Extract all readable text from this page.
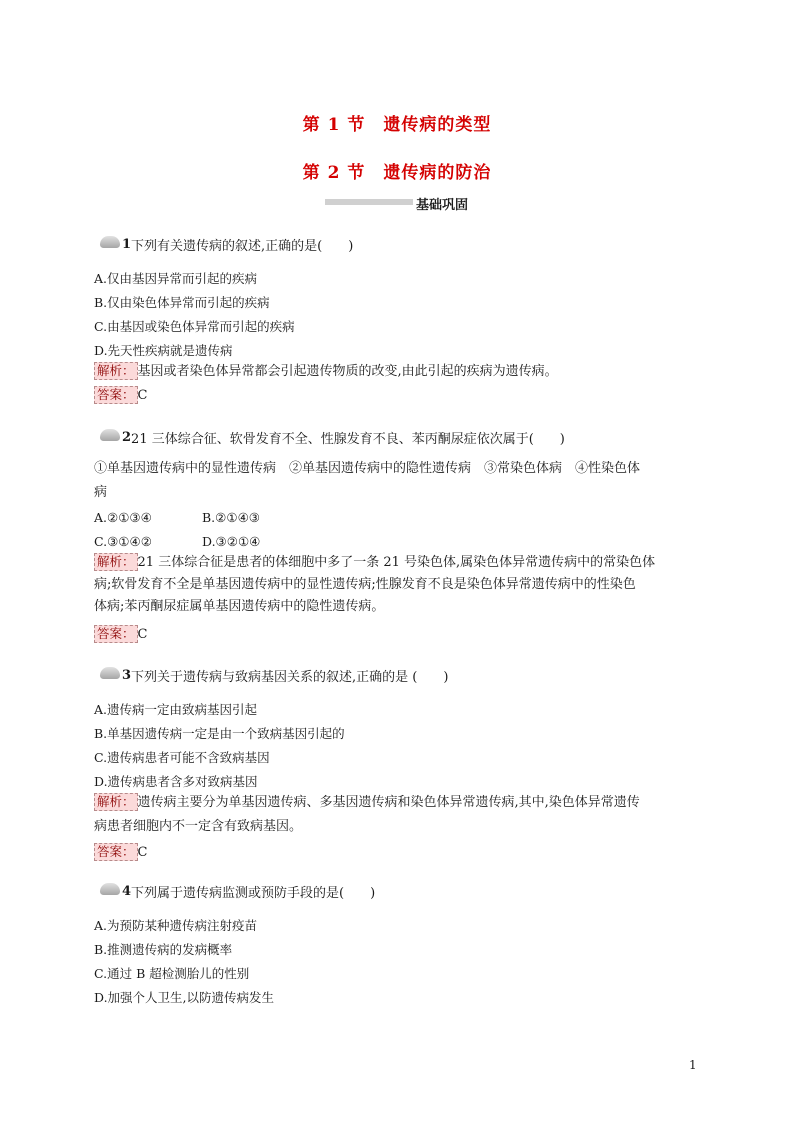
第 1 节 遗传病的类型
第 2 节 遗传病的防治
基础巩固
1 下列有关遗传病的叙述,正确的是(　　)
A.仅由基因异常而引起的疾病
B.仅由染色体异常而引起的疾病
C.由基因或染色体异常而引起的疾病
D.先天性疾病就是遗传病
解析： 基因或者染色体异常都会引起遗传物质的改变,由此引起的疾病为遗传病。
答案： C
2 21 三体综合征、软骨发育不全、性腺发育不良、苯丙酮尿症依次属于(　　)
①单基因遗传病中的显性遗传病　②单基因遗传病中的隐性遗传病　③常染色体病　④性染色体
病
A.②①③④	B.②①④③
C.③①④②	D.③②①④
解析： 21 三体综合征是患者的体细胞中多了一条 21 号染色体,属染色体异常遗传病中的常染色体
病;软骨发育不全是单基因遗传病中的显性遗传病;性腺发育不良是染色体异常遗传病中的性染色
体病;苯丙酮尿症属单基因遗传病中的隐性遗传病。
答案： C
3 下列关于遗传病与致病基因关系的叙述,正确的是 (　　)
A.遗传病一定由致病基因引起
B.单基因遗传病一定是由一个致病基因引起的
C.遗传病患者可能不含致病基因
D.遗传病患者含多对致病基因
解析： 遗传病主要分为单基因遗传病、多基因遗传病和染色体异常遗传病,其中,染色体异常遗传
病患者细胞内不一定含有致病基因。
答案： C
4 下列属于遗传病监测或预防手段的是(　　)
A.为预防某种遗传病注射疫苗
B.推测遗传病的发病概率
C.通过 B 超检测胎儿的性别
D.加强个人卫生,以防遗传病发生
1
